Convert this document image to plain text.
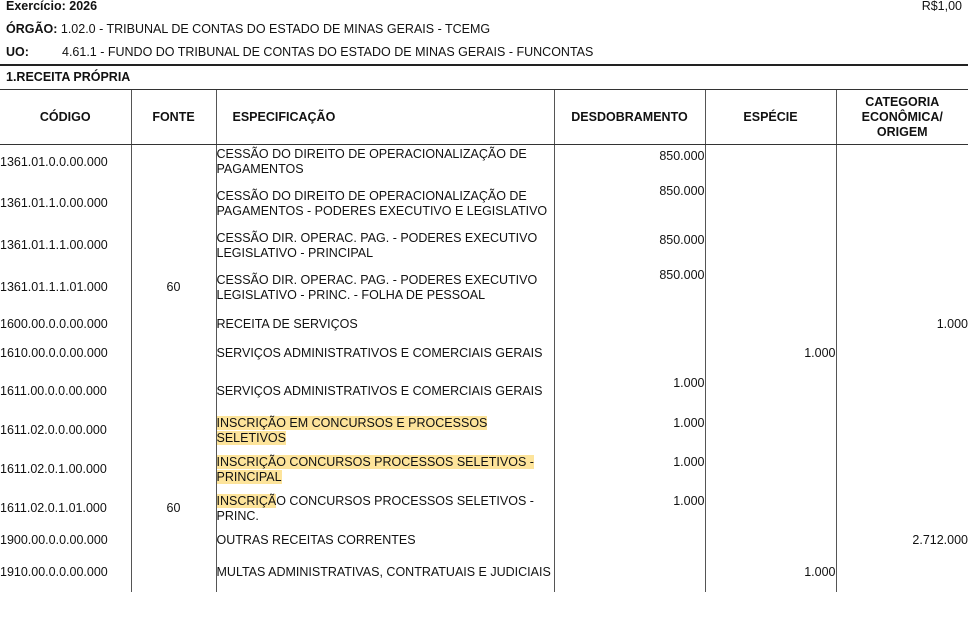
Exercício: 2026	R$1,00
ÓRGÃO: 1.02.0 - TRIBUNAL DE CONTAS DO ESTADO DE MINAS GERAIS - TCEMG
UO:	4.61.1 - FUNDO DO TRIBUNAL DE CONTAS DO ESTADO DE MINAS GERAIS - FUNCONTAS
1.RECEITA PRÓPRIA
CÓDIGO	FONTE	ESPECIFICAÇÃO	DESDOBRAMENTO	ESPÉCIE	CATEGORIA ECONÔMICA/ ORIGEM
1361.01.0.0.00.000		CESSÃO DO DIREITO DE OPERACIONALIZAÇÃO DE PAGAMENTOS	850.000		
1361.01.1.0.00.000		CESSÃO DO DIREITO DE OPERACIONALIZAÇÃO DE PAGAMENTOS - PODERES EXECUTIVO E LEGISLATIVO	850.000		
1361.01.1.1.00.000		CESSÃO DIR. OPERAC. PAG. - PODERES EXECUTIVO LEGISLATIVO - PRINCIPAL	850.000		
1361.01.1.1.01.000	60	CESSÃO DIR. OPERAC. PAG. - PODERES EXECUTIVO LEGISLATIVO - PRINC. - FOLHA DE PESSOAL	850.000		
1600.00.0.0.00.000		RECEITA DE SERVIÇOS			1.000
1610.00.0.0.00.000		SERVIÇOS ADMINISTRATIVOS E COMERCIAIS GERAIS		1.000	
1611.00.0.0.00.000		SERVIÇOS ADMINISTRATIVOS E COMERCIAIS GERAIS	1.000		
1611.02.0.0.00.000		INSCRIÇÃO EM CONCURSOS E PROCESSOS SELETIVOS	1.000		
1611.02.0.1.00.000		INSCRIÇÃO CONCURSOS PROCESSOS SELETIVOS - PRINCIPAL	1.000		
1611.02.0.1.01.000	60	INSCRIÇÃO CONCURSOS PROCESSOS SELETIVOS - PRINC.	1.000		
1900.00.0.0.00.000		OUTRAS RECEITAS CORRENTES			2.712.000
1910.00.0.0.00.000		MULTAS ADMINISTRATIVAS, CONTRATUAIS E JUDICIAIS		1.000	
